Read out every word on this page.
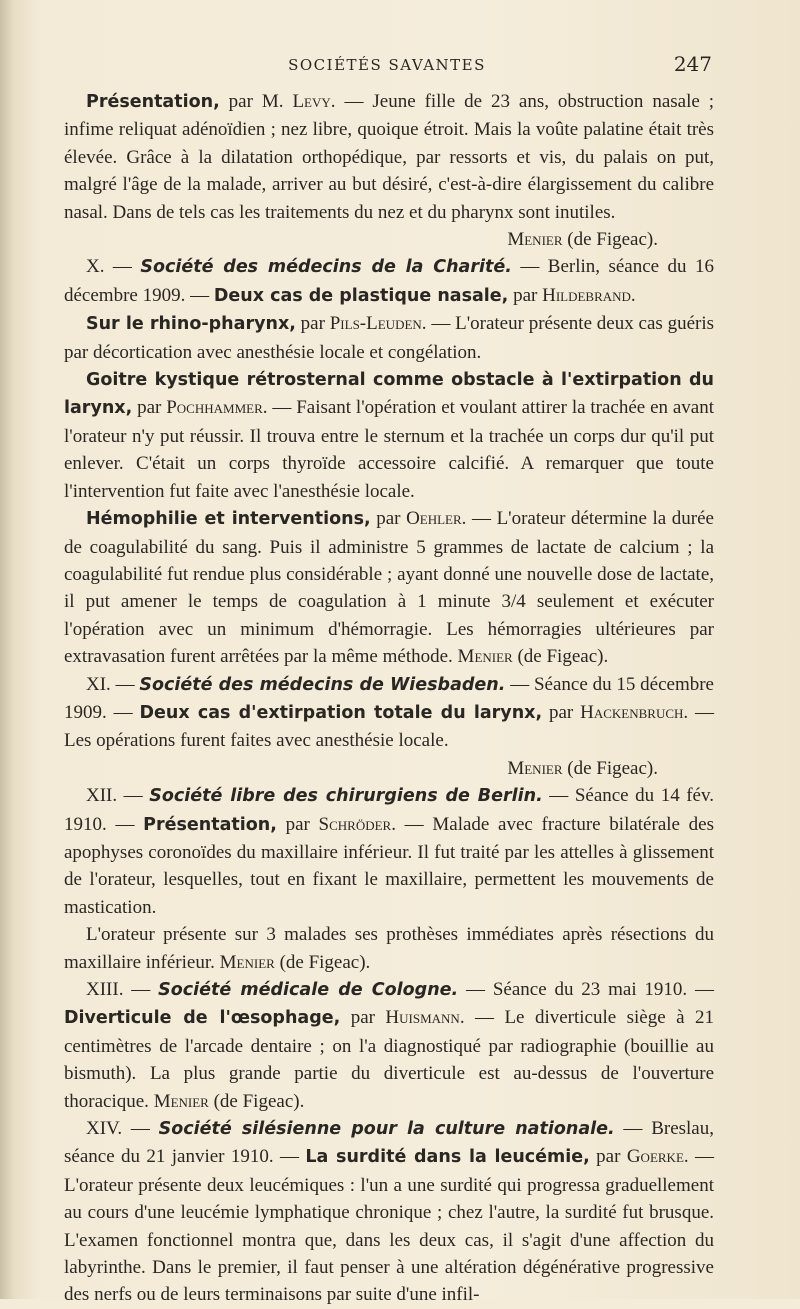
SOCIÉTÉS SAVANTES	247

Présentation, par M. Levy. — Jeune fille de 23 ans, obstruction nasale ; infime reliquat adénoïdien ; nez libre, quoique étroit. Mais la voûte palatine était très élevée. Grâce à la dilatation orthopédique, par ressorts et vis, du palais on put, malgré l'âge de la malade, arriver au but désiré, c'est-à-dire élargissement du calibre nasal. Dans de tels cas les traitements du nez et du pharynx sont inutiles.

Menier (de Figeac).

X. — Société des médecins de la Charité. — Berlin, séance du 16 décembre 1909. — Deux cas de plastique nasale, par Hildebrand.

Sur le rhino-pharynx, par Pils-Leuden. — L'orateur présente deux cas guéris par décortication avec anesthésie locale et congélation.

Goitre kystique rétrosternal comme obstacle à l'extirpation du larynx, par Pochhammer. — Faisant l'opération et voulant attirer la trachée en avant l'orateur n'y put réussir. Il trouva entre le sternum et la trachée un corps dur qu'il put enlever. C'était un corps thyroïde accessoire calcifié. A remarquer que toute l'intervention fut faite avec l'anesthésie locale.

Hémophilie et interventions, par Oehler. — L'orateur détermine la durée de coagulabilité du sang. Puis il administre 5 grammes de lactate de calcium ; la coagulabilité fut rendue plus considérable ; ayant donné une nouvelle dose de lactate, il put amener le temps de coagulation à 1 minute 3/4 seulement et exécuter l'opération avec un minimum d'hémorragie. Les hémorragies ultérieures par extravasation furent arrêtées par la même méthode. Menier (de Figeac).

XI. — Société des médecins de Wiesbaden. — Séance du 15 décembre 1909. — Deux cas d'extirpation totale du larynx, par Hackenbruch. — Les opérations furent faites avec anesthésie locale.

Menier (de Figeac).

XII. — Société libre des chirurgiens de Berlin. — Séance du 14 fév. 1910. — Présentation, par Schröder. — Malade avec fracture bilatérale des apophyses coronoïdes du maxillaire inférieur. Il fut traité par les attelles à glissement de l'orateur, lesquelles, tout en fixant le maxillaire, permettent les mouvements de mastication.

L'orateur présente sur 3 malades ses prothèses immédiates après résections du maxillaire inférieur. Menier (de Figeac).

XIII. — Société médicale de Cologne. — Séance du 23 mai 1910. — Diverticule de l'œsophage, par Huismann. — Le diverticule siège à 21 centimètres de l'arcade dentaire ; on l'a diagnostiqué par radiographie (bouillie au bismuth). La plus grande partie du diverticule est au-dessus de l'ouverture thoracique. Menier (de Figeac).

XIV. — Société silésienne pour la culture nationale. — Breslau, séance du 21 janvier 1910. — La surdité dans la leucémie, par Goerke. — L'orateur présente deux leucémiques : l'un a une surdité qui progressa graduellement au cours d'une leucémie lymphatique chronique ; chez l'autre, la surdité fut brusque. L'examen fonctionnel montra que, dans les deux cas, il s'agit d'une affection du labyrinthe. Dans le premier, il faut penser à une altération dégénérative progressive des nerfs ou de leurs terminaisons par suite d'une infil-
